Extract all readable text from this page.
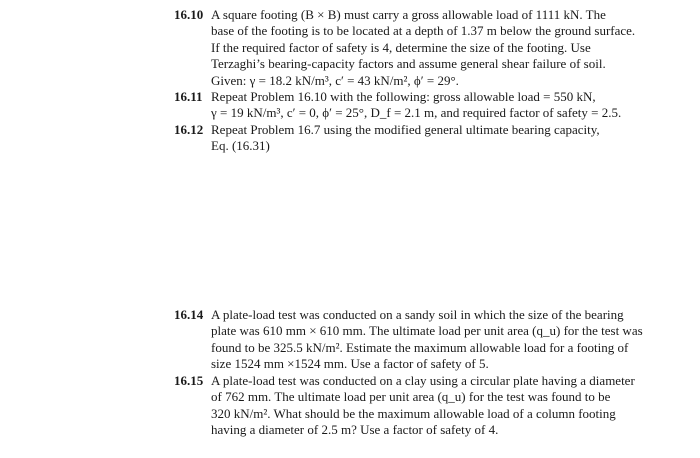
16.10 A square footing (B × B) must carry a gross allowable load of 1111 kN. The
base of the footing is to be located at a depth of 1.37 m below the ground surface.
If the required factor of safety is 4, determine the size of the footing. Use
Terzaghi’s bearing-capacity factors and assume general shear failure of soil.
Given: γ = 18.2 kN/m³, c′ = 43 kN/m², ϕ′ = 29°.
16.11 Repeat Problem 16.10 with the following: gross allowable load = 550 kN,
γ = 19 kN/m³, c′ = 0, ϕ′ = 25°, D_f = 2.1 m, and required factor of safety = 2.5.
16.12 Repeat Problem 16.7 using the modified general ultimate bearing capacity,
Eq. (16.31)
16.14 A plate-load test was conducted on a sandy soil in which the size of the bearing
plate was 610 mm × 610 mm. The ultimate load per unit area (q_u) for the test was
found to be 325.5 kN/m². Estimate the maximum allowable load for a footing of
size 1524 mm ×1524 mm. Use a factor of safety of 5.
16.15 A plate-load test was conducted on a clay using a circular plate having a diameter
of 762 mm. The ultimate load per unit area (q_u) for the test was found to be
320 kN/m². What should be the maximum allowable load of a column footing
having a diameter of 2.5 m? Use a factor of safety of 4.
